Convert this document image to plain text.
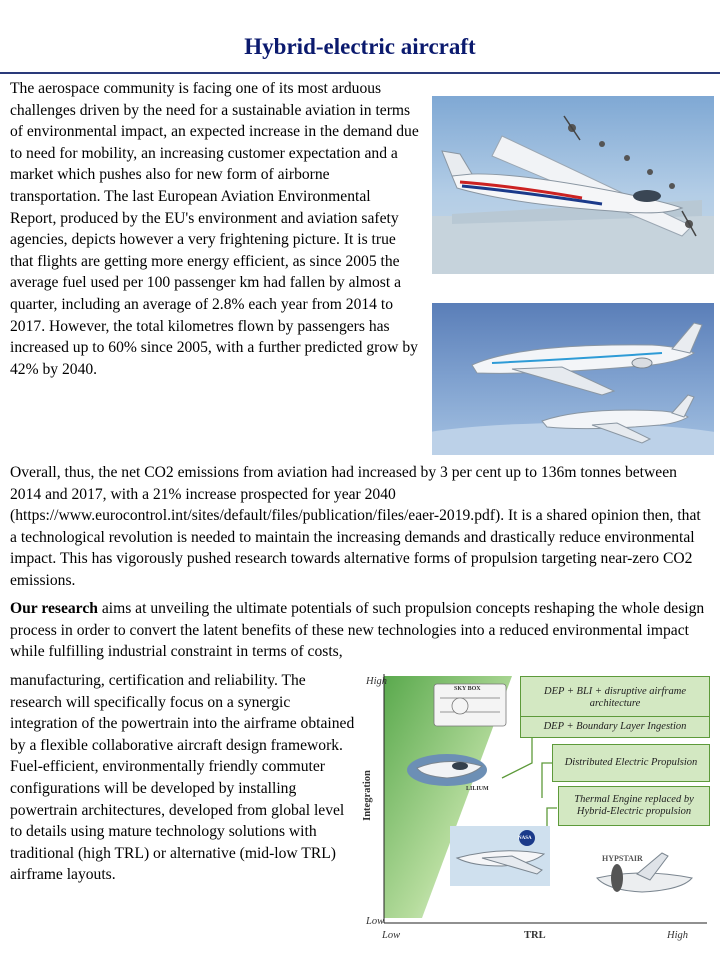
Hybrid-electric aircraft

The aerospace community is facing one of its most arduous challenges driven by the need for a sustainable aviation in terms of environmental impact, an expected increase in the demand due to need for mobility, an increasing customer expectation and a market which pushes also for new form of airborne transportation. The last European Aviation Environmental Report, produced by the EU's environment and aviation safety agencies, depicts however a very frightening picture. It is true that flights are getting more energy efficient, as since 2005 the average fuel used per 100 passenger km had fallen by almost a quarter, including an average of 2.8% each year from 2014 to 2017. However, the total kilometres flown by passengers has increased up to 60% since 2005, with a further predicted grow by 42% by 2040.

Overall, thus, the net CO2 emissions from aviation had increased by 3 per cent up to 136m tonnes between 2014 and 2017, with a 21% increase prospected for year 2040 (https://www.eurocontrol.int/sites/default/files/publication/files/eaer-2019.pdf). It is a shared opinion then, that a technological revolution is needed to maintain the increasing demands and drastically reduce environmental impact. This has vigorously pushed research towards alternative forms of propulsion targeting near-zero CO2 emissions.

Our research aims at unveiling the ultimate potentials of such propulsion concepts reshaping the whole design process in order to convert the latent benefits of these new technologies into a reduced environmental impact while fulfilling industrial constraint in terms of costs,

manufacturing, certification and reliability. The research will specifically focus on a synergic integration of the powertrain into the airframe obtained by a flexible collaborative aircraft design framework. Fuel-efficient, environmentally friendly commuter configurations will be developed by installing powertrain architectures, developed from global level to details using mature technology solutions with traditional (high TRL) or alternative (mid-low TRL) airframe layouts.

High
Low
Low	High
TRL
Integration
SKY BOX
LILIUM
NASA
HYPSTAIR
DEP + BLI + disruptive airframe architecture
DEP + Boundary Layer Ingestion
Distributed Electric Propulsion
Thermal Engine replaced by Hybrid-Electric propulsion
